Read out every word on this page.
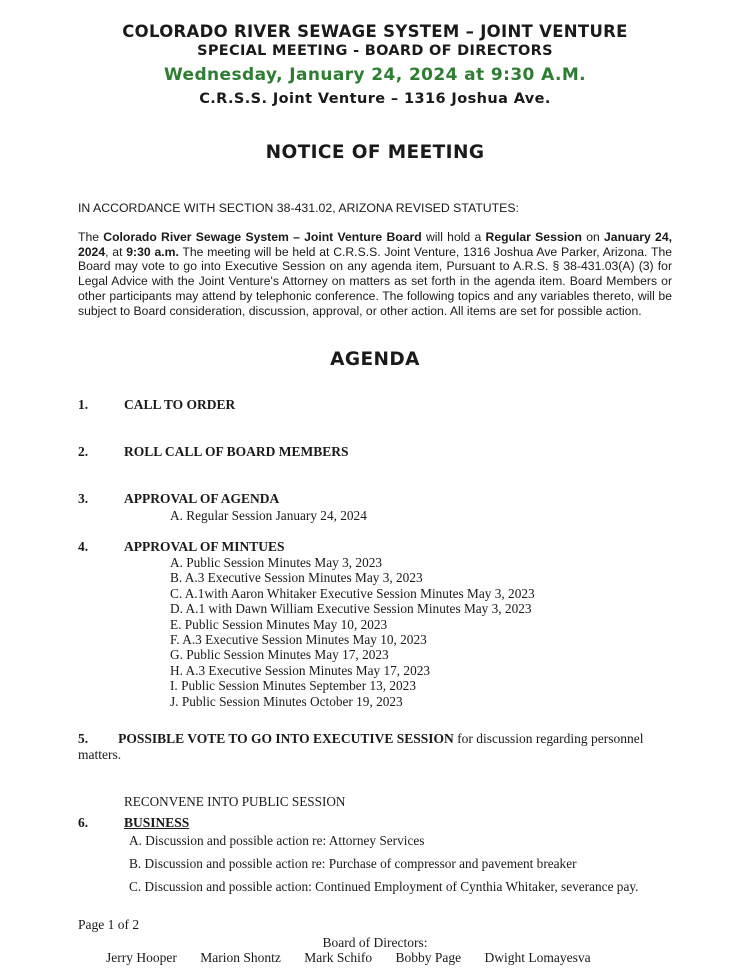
COLORADO RIVER SEWAGE SYSTEM – JOINT VENTURE
SPECIAL MEETING - BOARD OF DIRECTORS
Wednesday, January 24, 2024 at 9:30 A.M.
C.R.S.S. Joint Venture – 1316 Joshua Ave.
NOTICE OF MEETING
IN ACCORDANCE WITH SECTION 38-431.02, ARIZONA REVISED STATUTES:

The Colorado River Sewage System – Joint Venture Board will hold a Regular Session on January 24, 2024, at 9:30 a.m. The meeting will be held at C.R.S.S. Joint Venture, 1316 Joshua Ave Parker, Arizona. The Board may vote to go into Executive Session on any agenda item, Pursuant to A.R.S. § 38-431.03(A) (3) for Legal Advice with the Joint Venture's Attorney on matters as set forth in the agenda item. Board Members or other participants may attend by telephonic conference. The following topics and any variables thereto, will be subject to Board consideration, discussion, approval, or other action. All items are set for possible action.

AGENDA
1.	CALL TO ORDER
2.	ROLL CALL OF BOARD MEMBERS
3.	APPROVAL OF AGENDA
A. Regular Session January 24, 2024
4.	APPROVAL OF MINTUES
A. Public Session Minutes May 3, 2023
B. A.3 Executive Session Minutes May 3, 2023
C. A.1with Aaron Whitaker Executive Session Minutes May 3, 2023
D. A.1 with Dawn William Executive Session Minutes May 3, 2023
E. Public Session Minutes May 10, 2023
F. A.3 Executive Session Minutes May 10, 2023
G. Public Session Minutes May 17, 2023
H. A.3 Executive Session Minutes May 17, 2023
I. Public Session Minutes September 13, 2023
J. Public Session Minutes October 19, 2023

5. POSSIBLE VOTE TO GO INTO EXECUTIVE SESSION for discussion regarding personnel matters.

RECONVENE INTO PUBLIC SESSION
6.	BUSINESS
A. Discussion and possible action re: Attorney Services
B. Discussion and possible action re: Purchase of compressor and pavement breaker
C. Discussion and possible action: Continued Employment of Cynthia Whitaker, severance pay.
Page 1 of 2
Board of Directors:
Jerry Hooper Marion Shontz Mark Schifo Bobby Page Dwight Lomayesva
